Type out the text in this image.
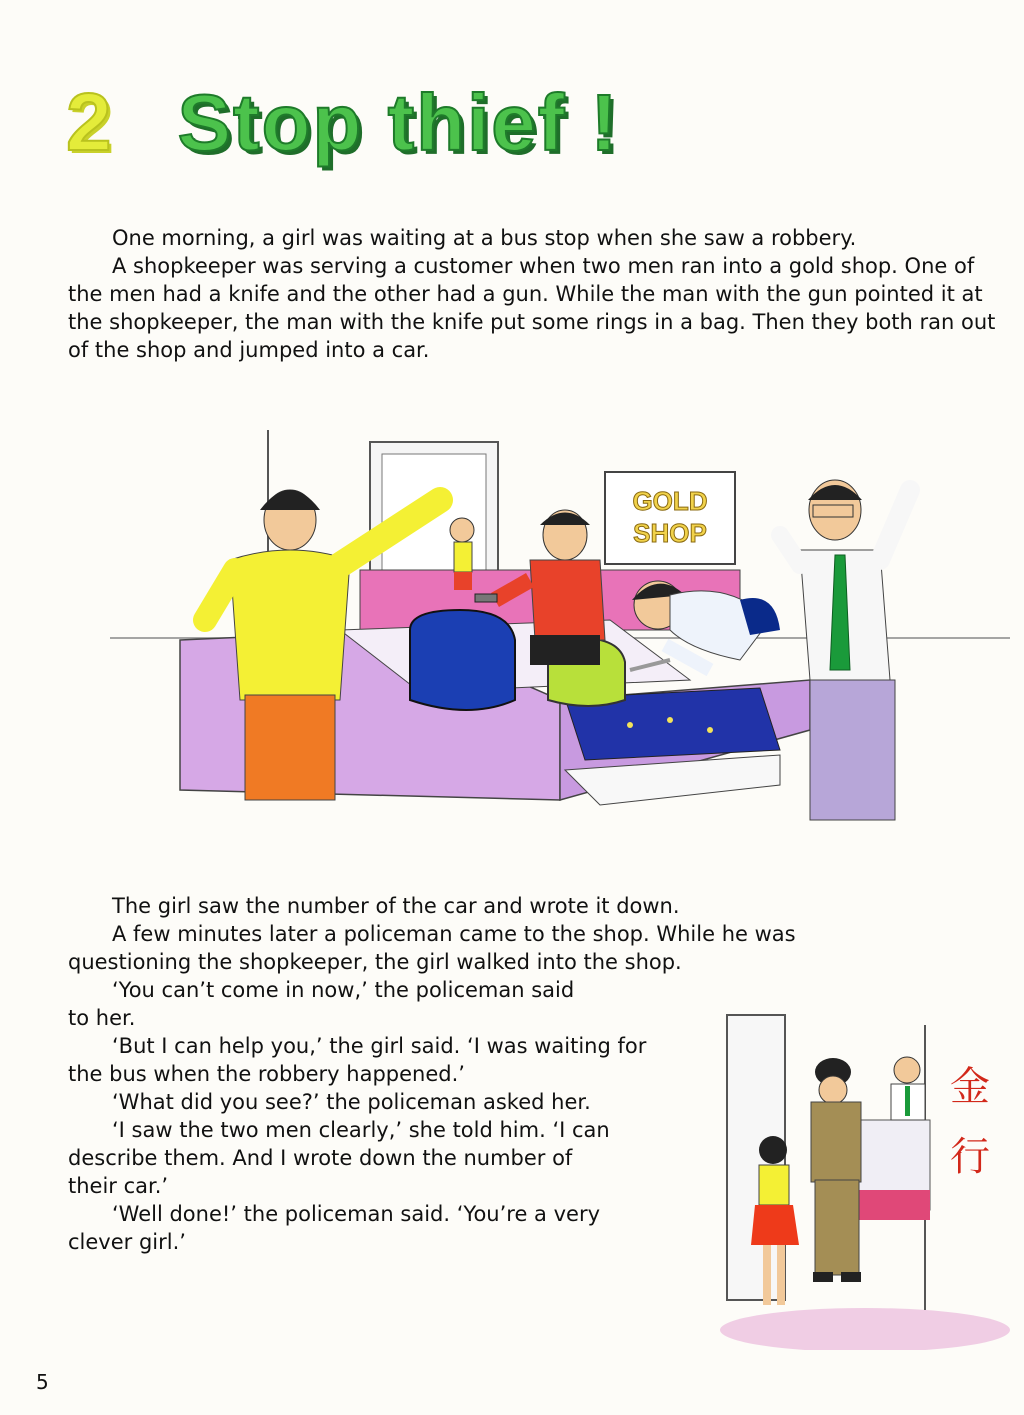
2 Stop thief !

One morning, a girl was waiting at a bus stop when she saw a robbery.

A shopkeeper was serving a customer when two men ran into a gold shop. One of the men had a knife and the other had a gun. While the man with the gun pointed it at the shopkeeper, the man with the knife put some rings in a bag. Then they both ran out of the shop and jumped into a car.

GOLD
SHOP

The girl saw the number of the car and wrote it down.

A few minutes later a policeman came to the shop. While he was questioning the shopkeeper, the girl walked into the shop.

‘You can’t come in now,’ the policeman said to her.

‘But I can help you,’ the girl said. ‘I was waiting for the bus when the robbery happened.’

‘What did you see?’ the policeman asked her.

‘I saw the two men clearly,’ she told him. ‘I can describe them. And I wrote down the number of their car.’

‘Well done!’ the policeman said. ‘You’re a very clever girl.’

金
行
5
